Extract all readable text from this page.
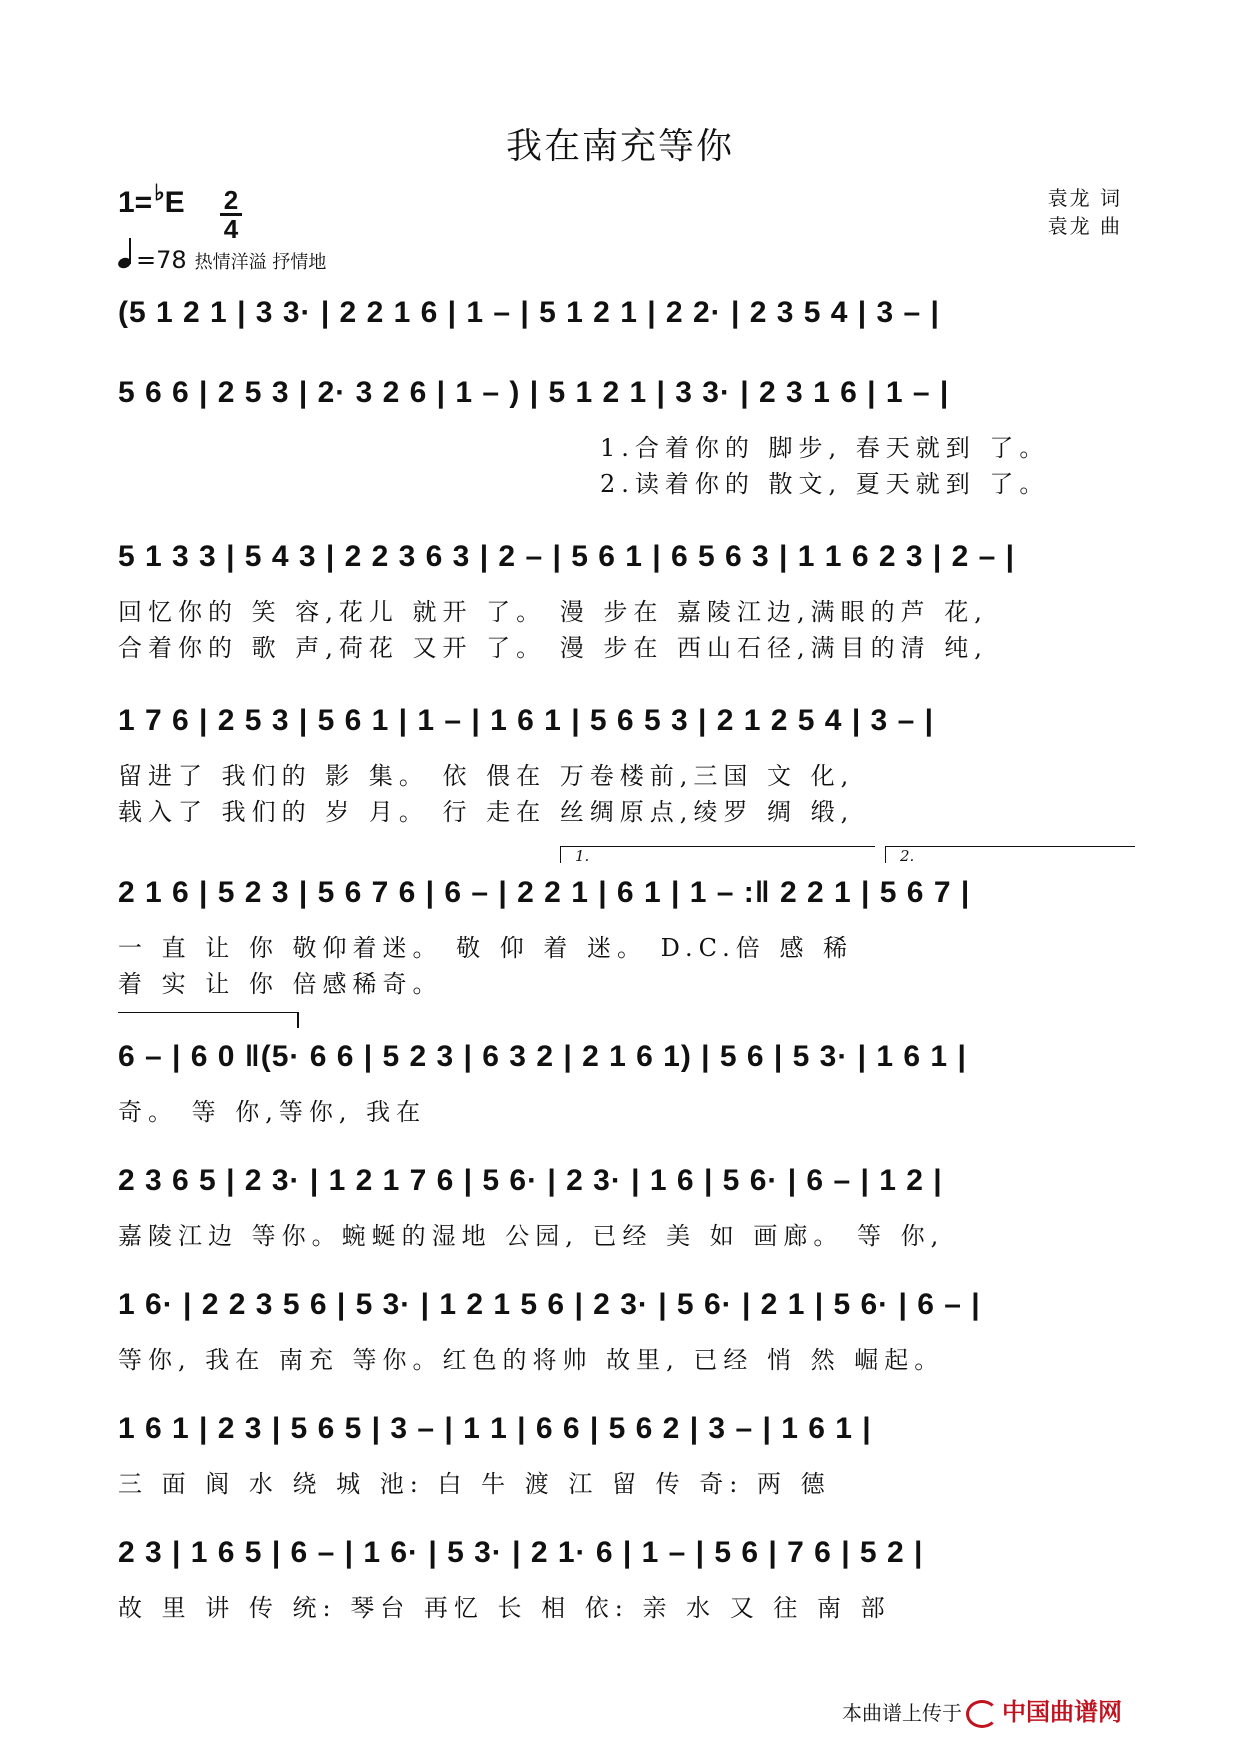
我在南充等你
1=♭E 2
4
=78 热情洋溢 抒情地
袁龙 词
袁龙 曲
(5 1 2 1 | 3 3· | 2 2 1 6 | 1 – | 5 1 2 1 | 2 2· | 2 3 5 4 | 3 – |
5 6 6 | 2 5 3 | 2· 3 2 6 | 1 – ) | 5 1 2 1 | 3 3· | 2 3 1 6 | 1 – |
1.合着你的 脚步, 春天就到 了。
2.读着你的 散文, 夏天就到 了。
5 1 3 3 | 5 4 3 | 2 2 3 6 3 | 2 – | 5 6 1 | 6 5 6 3 | 1 1 6 2 3 | 2 – |
回忆你的 笑 容,花儿 就开 了。 漫 步在 嘉陵江边,满眼的芦 花,
合着你的 歌 声,荷花 又开 了。 漫 步在 西山石径,满目的清 纯,
1 7 6 | 2 5 3 | 5 6 1 | 1 – | 1 6 1 | 5 6 5 3 | 2 1 2 5 4 | 3 – |
留进了 我们的 影 集。 依 偎在 万卷楼前,三国 文 化,
载入了 我们的 岁 月。 行 走在 丝绸原点,绫罗 绸 缎,
1.	2.
2 1 6 | 5 2 3 | 5 6 7 6 | 6 – | 2 2 1 | 6 1 | 1 – :‖ 2 2 1 | 5 6 7 |
一 直 让 你 敬仰着迷。 敬 仰 着 迷。 D.C.倍 感 稀
着 实 让 你 倍感稀奇。
6 – | 6 0 ‖(5· 6 6 | 5 2 3 | 6 3 2 | 2 1 6 1) | 5 6 | 5 3· | 1 6 1 |
奇。 等 你,等你, 我在
2 3 6 5 | 2 3· | 1 2 1 7 6 | 5 6· | 2 3· | 1 6 | 5 6· | 6 – | 1 2 |
嘉陵江边 等你。蜿蜒的湿地 公园, 已经 美 如 画廊。 等 你,
1 6· | 2 2 3 5 6 | 5 3· | 1 2 1 5 6 | 2 3· | 5 6· | 2 1 | 5 6· | 6 – |
等你, 我在 南充 等你。红色的将帅 故里, 已经 悄 然 崛起。
1 6 1 | 2 3 | 5 6 5 | 3 – | 1 1 | 6 6 | 5 6 2 | 3 – | 1 6 1 |
三 面 阆 水 绕 城 池: 白 牛 渡 江 留 传 奇: 两 德
2 3 | 1 6 5 | 6 – | 1 6· | 5 3· | 2 1· 6 | 1 – | 5 6 | 7 6 | 5 2 |
故 里 讲 传 统: 琴台 再忆 长 相 依: 亲 水 又 往 南 部
本曲谱上传于 中国曲谱网
